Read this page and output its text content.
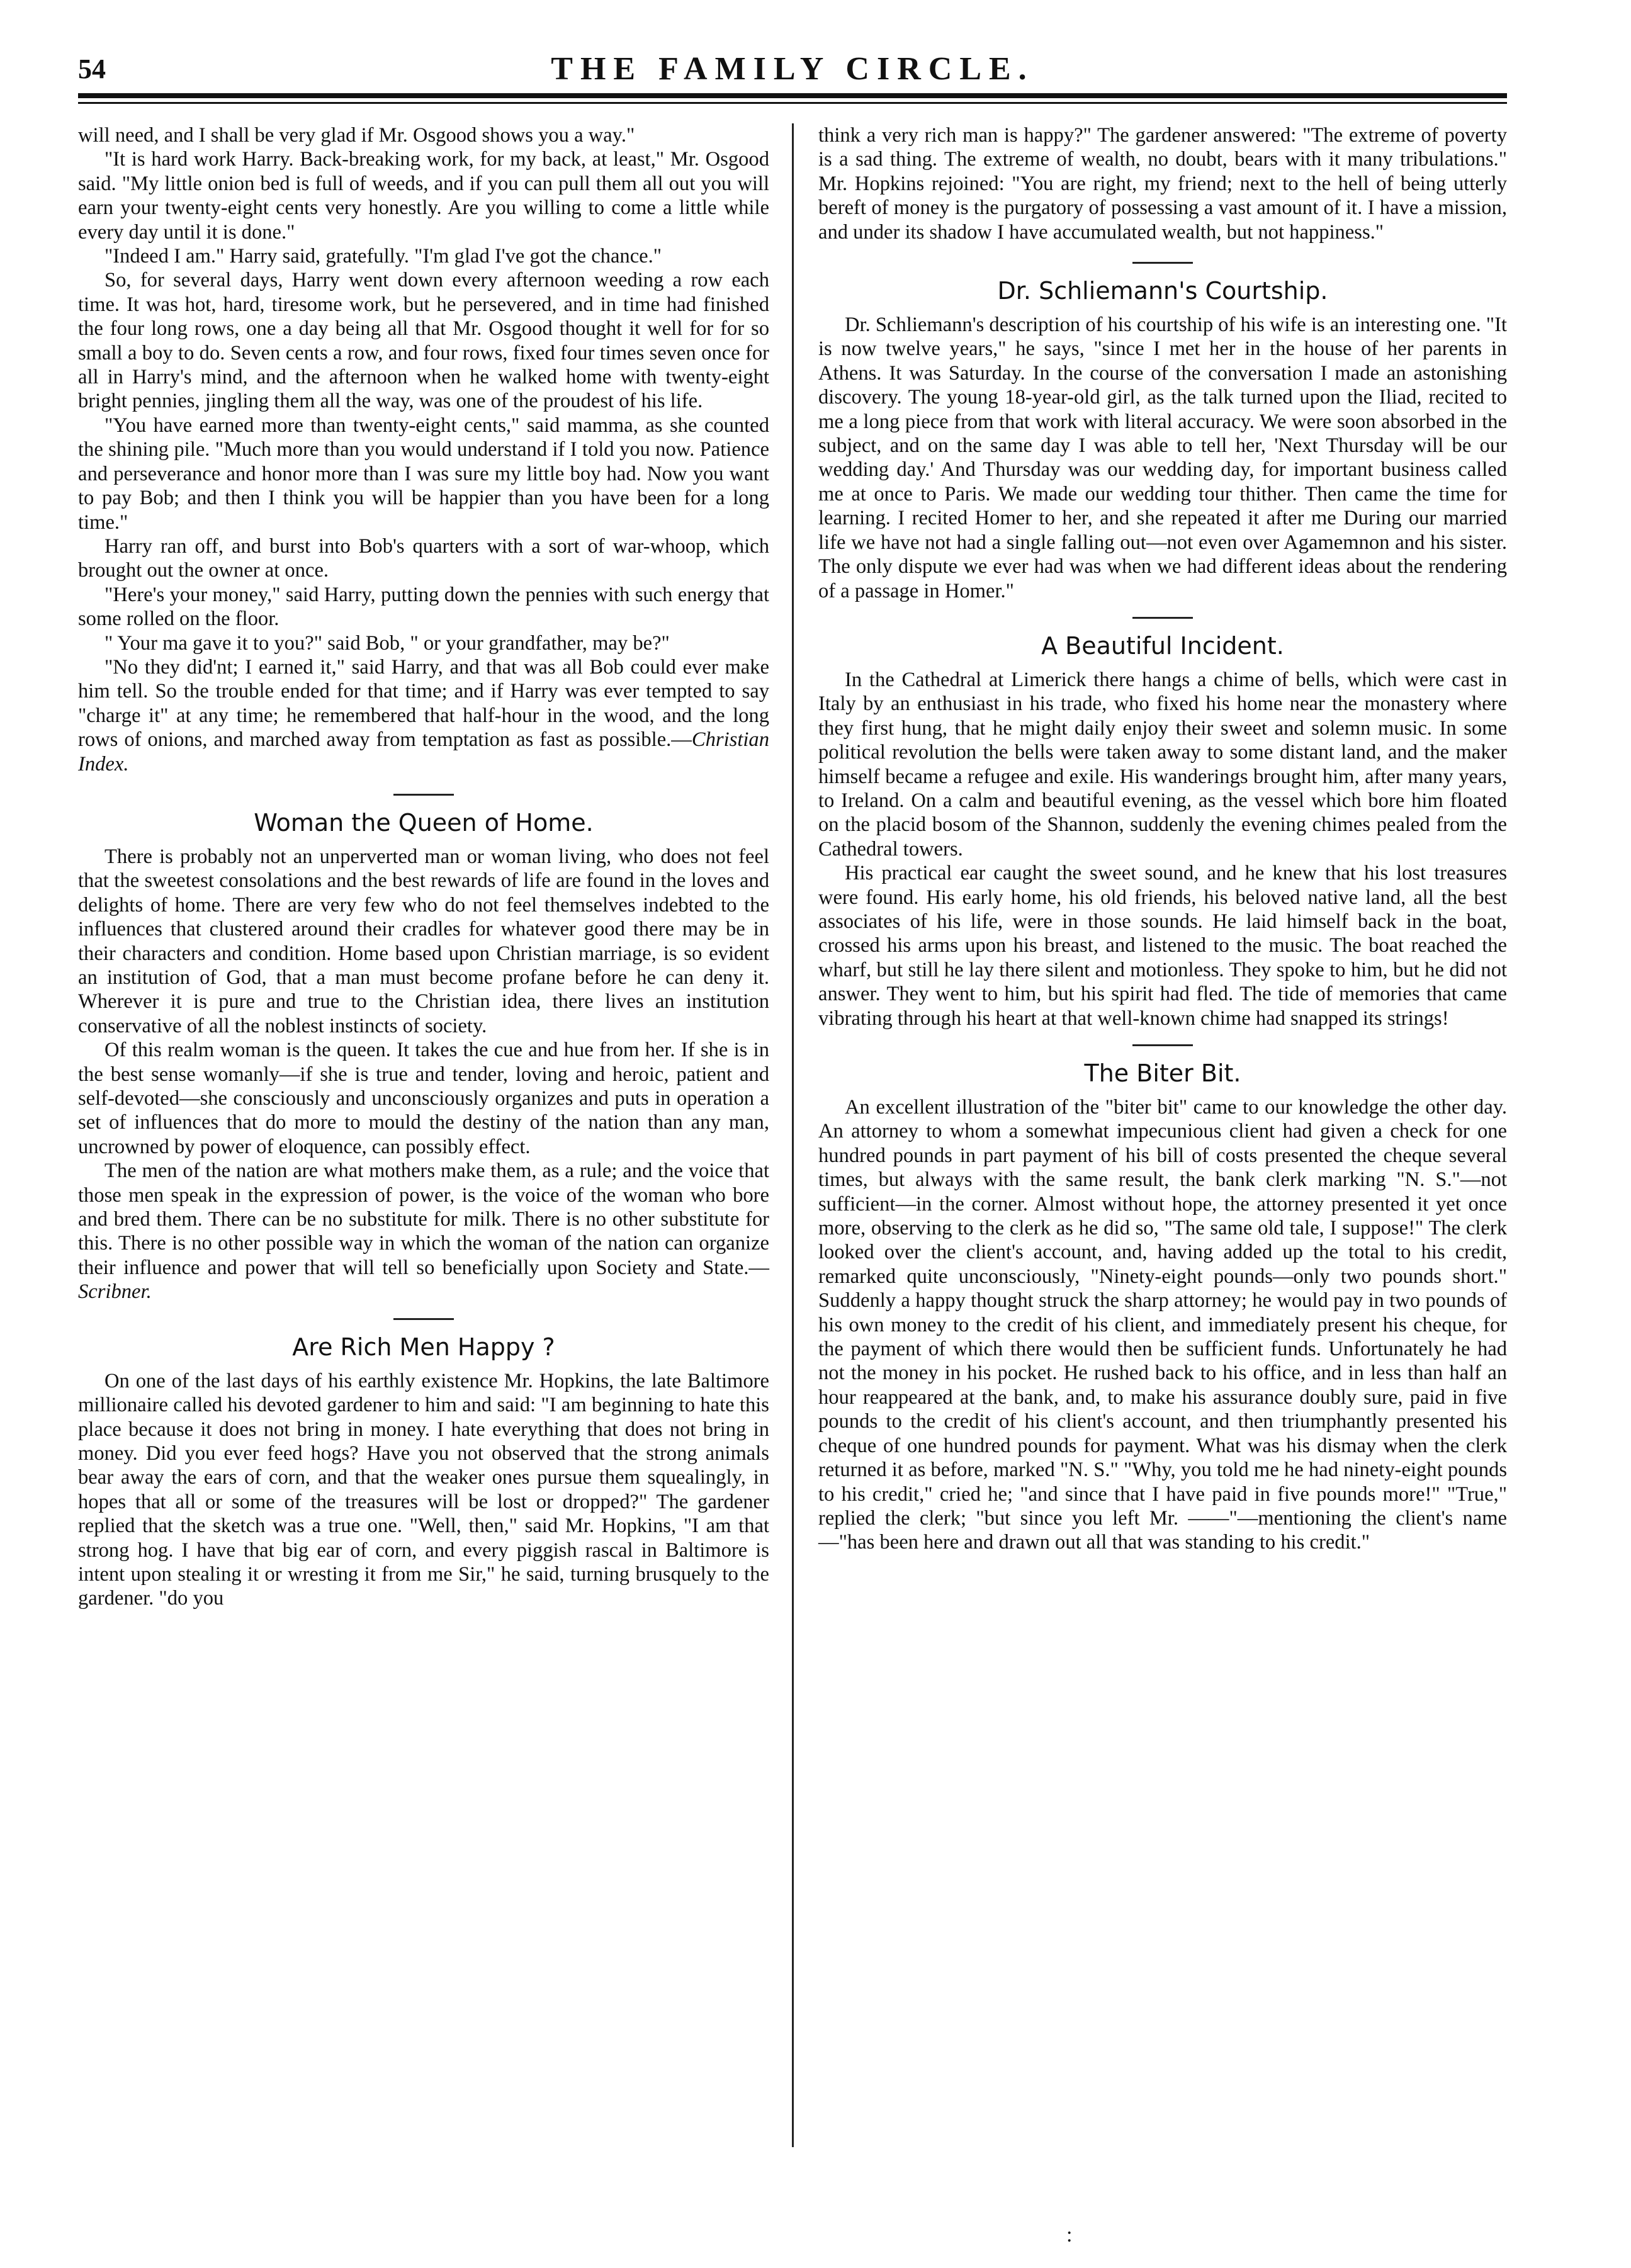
54	THE FAMILY CIRCLE.

will need, and I shall be very glad if Mr. Osgood shows you a way."

"It is hard work Harry. Back-breaking work, for my back, at least," Mr. Osgood said. "My little onion bed is full of weeds, and if you can pull them all out you will earn your twenty-eight cents very honestly. Are you willing to come a little while every day until it is done."

"Indeed I am." Harry said, gratefully. "I'm glad I've got the chance."

So, for several days, Harry went down every afternoon weeding a row each time. It was hot, hard, tiresome work, but he persevered, and in time had finished the four long rows, one a day being all that Mr. Osgood thought it well for for so small a boy to do. Seven cents a row, and four rows, fixed four times seven once for all in Harry's mind, and the afternoon when he walked home with twenty-eight bright pennies, jingling them all the way, was one of the proudest of his life.

"You have earned more than twenty-eight cents," said mamma, as she counted the shining pile. "Much more than you would understand if I told you now. Patience and perseverance and honor more than I was sure my little boy had. Now you want to pay Bob; and then I think you will be happier than you have been for a long time."

Harry ran off, and burst into Bob's quarters with a sort of war-whoop, which brought out the owner at once.

"Here's your money," said Harry, putting down the pennies with such energy that some rolled on the floor.

" Your ma gave it to you?" said Bob, " or your grandfather, may be?"

"No they did'nt; I earned it," said Harry, and that was all Bob could ever make him tell. So the trouble ended for that time; and if Harry was ever tempted to say "charge it" at any time; he remembered that half-hour in the wood, and the long rows of onions, and marched away from temptation as fast as possible.—Christian Index.

Woman the Queen of Home.

There is probably not an unperverted man or woman living, who does not feel that the sweetest consolations and the best rewards of life are found in the loves and delights of home. There are very few who do not feel themselves indebted to the influences that clustered around their cradles for whatever good there may be in their characters and condition. Home based upon Christian marriage, is so evident an institution of God, that a man must become profane before he can deny it. Wherever it is pure and true to the Christian idea, there lives an institution conservative of all the noblest instincts of society.

Of this realm woman is the queen. It takes the cue and hue from her. If she is in the best sense womanly—if she is true and tender, loving and heroic, patient and self-devoted—she consciously and unconsciously organizes and puts in operation a set of influences that do more to mould the destiny of the nation than any man, uncrowned by power of eloquence, can possibly effect.

The men of the nation are what mothers make them, as a rule; and the voice that those men speak in the expression of power, is the voice of the woman who bore and bred them. There can be no substitute for milk. There is no other substitute for this. There is no other possible way in which the woman of the nation can organize their influence and power that will tell so beneficially upon Society and State.—Scribner.

Are Rich Men Happy ?

On one of the last days of his earthly existence Mr. Hopkins, the late Baltimore millionaire called his devoted gardener to him and said: "I am beginning to hate this place because it does not bring in money. I hate everything that does not bring in money. Did you ever feed hogs? Have you not observed that the strong animals bear away the ears of corn, and that the weaker ones pursue them squealingly, in hopes that all or some of the treasures will be lost or dropped?" The gardener replied that the sketch was a true one. "Well, then," said Mr. Hopkins, "I am that strong hog. I have that big ear of corn, and every piggish rascal in Baltimore is intent upon stealing it or wresting it from me Sir," he said, turning brusquely to the gardener. "do you

think a very rich man is happy?" The gardener answered: "The extreme of poverty is a sad thing. The extreme of wealth, no doubt, bears with it many tribulations." Mr. Hopkins rejoined: "You are right, my friend; next to the hell of being utterly bereft of money is the purgatory of possessing a vast amount of it. I have a mission, and under its shadow I have accumulated wealth, but not happiness."

Dr. Schliemann's Courtship.

Dr. Schliemann's description of his courtship of his wife is an interesting one. "It is now twelve years," he says, "since I met her in the house of her parents in Athens. It was Saturday. In the course of the conversation I made an astonishing discovery. The young 18-year-old girl, as the talk turned upon the Iliad, recited to me a long piece from that work with literal accuracy. We were soon absorbed in the subject, and on the same day I was able to tell her, 'Next Thursday will be our wedding day.' And Thursday was our wedding day, for important business called me at once to Paris. We made our wedding tour thither. Then came the time for learning. I recited Homer to her, and she repeated it after me During our married life we have not had a single falling out—not even over Agamemnon and his sister. The only dispute we ever had was when we had different ideas about the rendering of a passage in Homer."

A Beautiful Incident.

In the Cathedral at Limerick there hangs a chime of bells, which were cast in Italy by an enthusiast in his trade, who fixed his home near the monastery where they first hung, that he might daily enjoy their sweet and solemn music. In some political revolution the bells were taken away to some distant land, and the maker himself became a refugee and exile. His wanderings brought him, after many years, to Ireland. On a calm and beautiful evening, as the vessel which bore him floated on the placid bosom of the Shannon, suddenly the evening chimes pealed from the Cathedral towers.

His practical ear caught the sweet sound, and he knew that his lost treasures were found. His early home, his old friends, his beloved native land, all the best associates of his life, were in those sounds. He laid himself back in the boat, crossed his arms upon his breast, and listened to the music. The boat reached the wharf, but still he lay there silent and motionless. They spoke to him, but he did not answer. They went to him, but his spirit had fled. The tide of memories that came vibrating through his heart at that well-known chime had snapped its strings!

The Biter Bit.

An excellent illustration of the "biter bit" came to our knowledge the other day. An attorney to whom a somewhat impecunious client had given a check for one hundred pounds in part payment of his bill of costs presented the cheque several times, but always with the same result, the bank clerk marking "N. S."—not sufficient—in the corner. Almost without hope, the attorney presented it yet once more, observing to the clerk as he did so, "The same old tale, I suppose!" The clerk looked over the client's account, and, having added up the total to his credit, remarked quite unconsciously, "Ninety-eight pounds—only two pounds short." Suddenly a happy thought struck the sharp attorney; he would pay in two pounds of his own money to the credit of his client, and immediately present his cheque, for the payment of which there would then be sufficient funds. Unfortunately he had not the money in his pocket. He rushed back to his office, and in less than half an hour reappeared at the bank, and, to make his assurance doubly sure, paid in five pounds to the credit of his client's account, and then triumphantly presented his cheque of one hundred pounds for payment. What was his dismay when the clerk returned it as before, marked "N. S." "Why, you told me he had ninety-eight pounds to his credit," cried he; "and since that I have paid in five pounds more!" "True," replied the clerk; "but since you left Mr. ——"—mentioning the client's name—"has been here and drawn out all that was standing to his credit."

:
